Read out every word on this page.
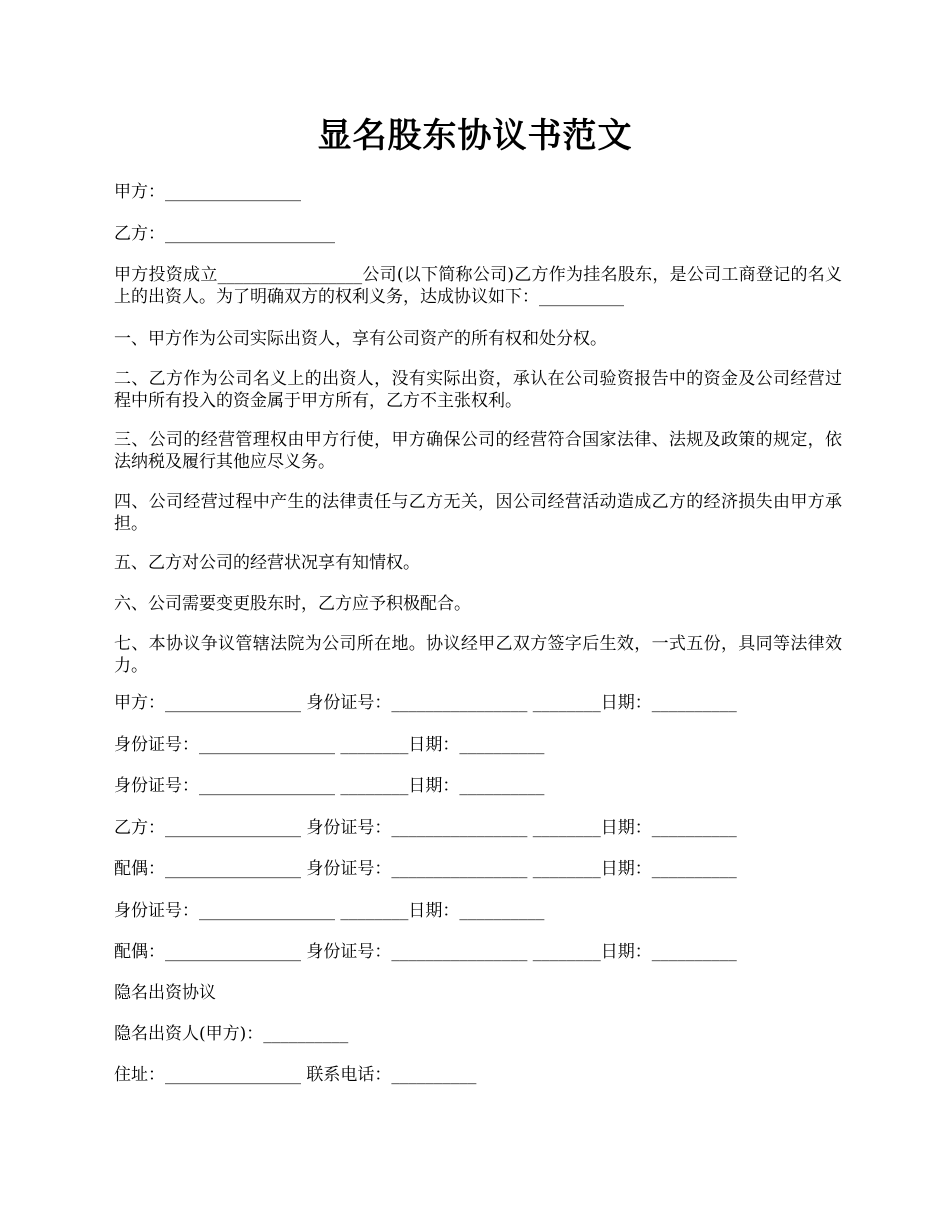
显名股东协议书范文
甲方：________________
乙方：____________________
甲方投资成立_________________公司(以下简称公司)乙方作为挂名股东，是公司工商登记的名义上的出资人。为了明确双方的权利义务，达成协议如下：__________
一、甲方作为公司实际出资人，享有公司资产的所有权和处分权。
二、乙方作为公司名义上的出资人，没有实际出资，承认在公司验资报告中的资金及公司经营过程中所有投入的资金属于甲方所有，乙方不主张权利。
三、公司的经营管理权由甲方行使，甲方确保公司的经营符合国家法律、法规及政策的规定，依法纳税及履行其他应尽义务。
四、公司经营过程中产生的法律责任与乙方无关，因公司经营活动造成乙方的经济损失由甲方承担。
五、乙方对公司的经营状况享有知情权。
六、公司需要变更股东时，乙方应予积极配合。
七、本协议争议管辖法院为公司所在地。协议经甲乙双方签字后生效，一式五份，具同等法律效力。
甲方：________________ 身份证号：________________ ________日期：__________
身份证号：________________ ________日期：__________
身份证号：________________ ________日期：__________
乙方：________________ 身份证号：________________ ________日期：__________
配偶：________________ 身份证号：________________ ________日期：__________
身份证号：________________ ________日期：__________
配偶：________________ 身份证号：________________ ________日期：__________
隐名出资协议
隐名出资人(甲方)：__________
住址：________________ 联系电话：__________
